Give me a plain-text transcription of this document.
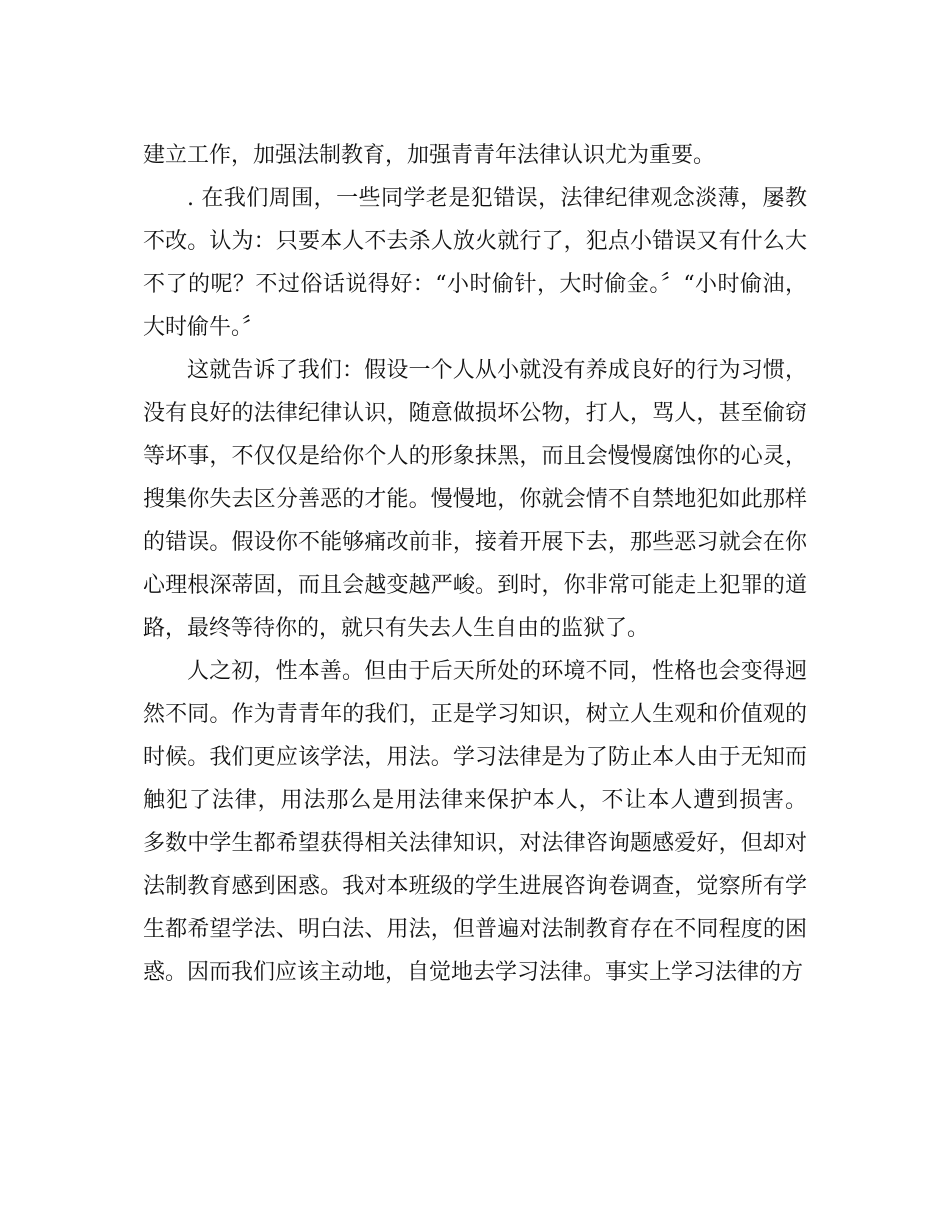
建立工作，加强法制教育，加强青青年法律认识尤为重要。

. 在我们周围，一些同学老是犯错误，法律纪律观念淡薄，屡教不改。认为：只要本人不去杀人放火就行了，犯点小错误又有什么大不了的呢？不过俗话说得好：“小时偷针，大时偷金。〞“小时偷油，大时偷牛。〞

这就告诉了我们：假设一个人从小就没有养成良好的行为习惯，没有良好的法律纪律认识，随意做损坏公物，打人，骂人，甚至偷窃等坏事，不仅仅是给你个人的形象抹黑，而且会慢慢腐蚀你的心灵，搜集你失去区分善恶的才能。慢慢地，你就会情不自禁地犯如此那样的错误。假设你不能够痛改前非，接着开展下去，那些恶习就会在你心理根深蒂固，而且会越变越严峻。到时，你非常可能走上犯罪的道路，最终等待你的，就只有失去人生自由的监狱了。

人之初，性本善。但由于后天所处的环境不同，性格也会变得迥然不同。作为青青年的我们，正是学习知识，树立人生观和价值观的时候。我们更应该学法，用法。学习法律是为了防止本人由于无知而触犯了法律，用法那么是用法律来保护本人，不让本人遭到损害。 多数中学生都希望获得相关法律知识，对法律咨询题感爱好，但却对法制教育感到困惑。我对本班级的学生进展咨询卷调查，觉察所有学生都希望学法、明白法、用法，但普遍对法制教育存在不同程度的困惑。因而我们应该主动地，自觉地去学习法律。事实上学习法律的方
